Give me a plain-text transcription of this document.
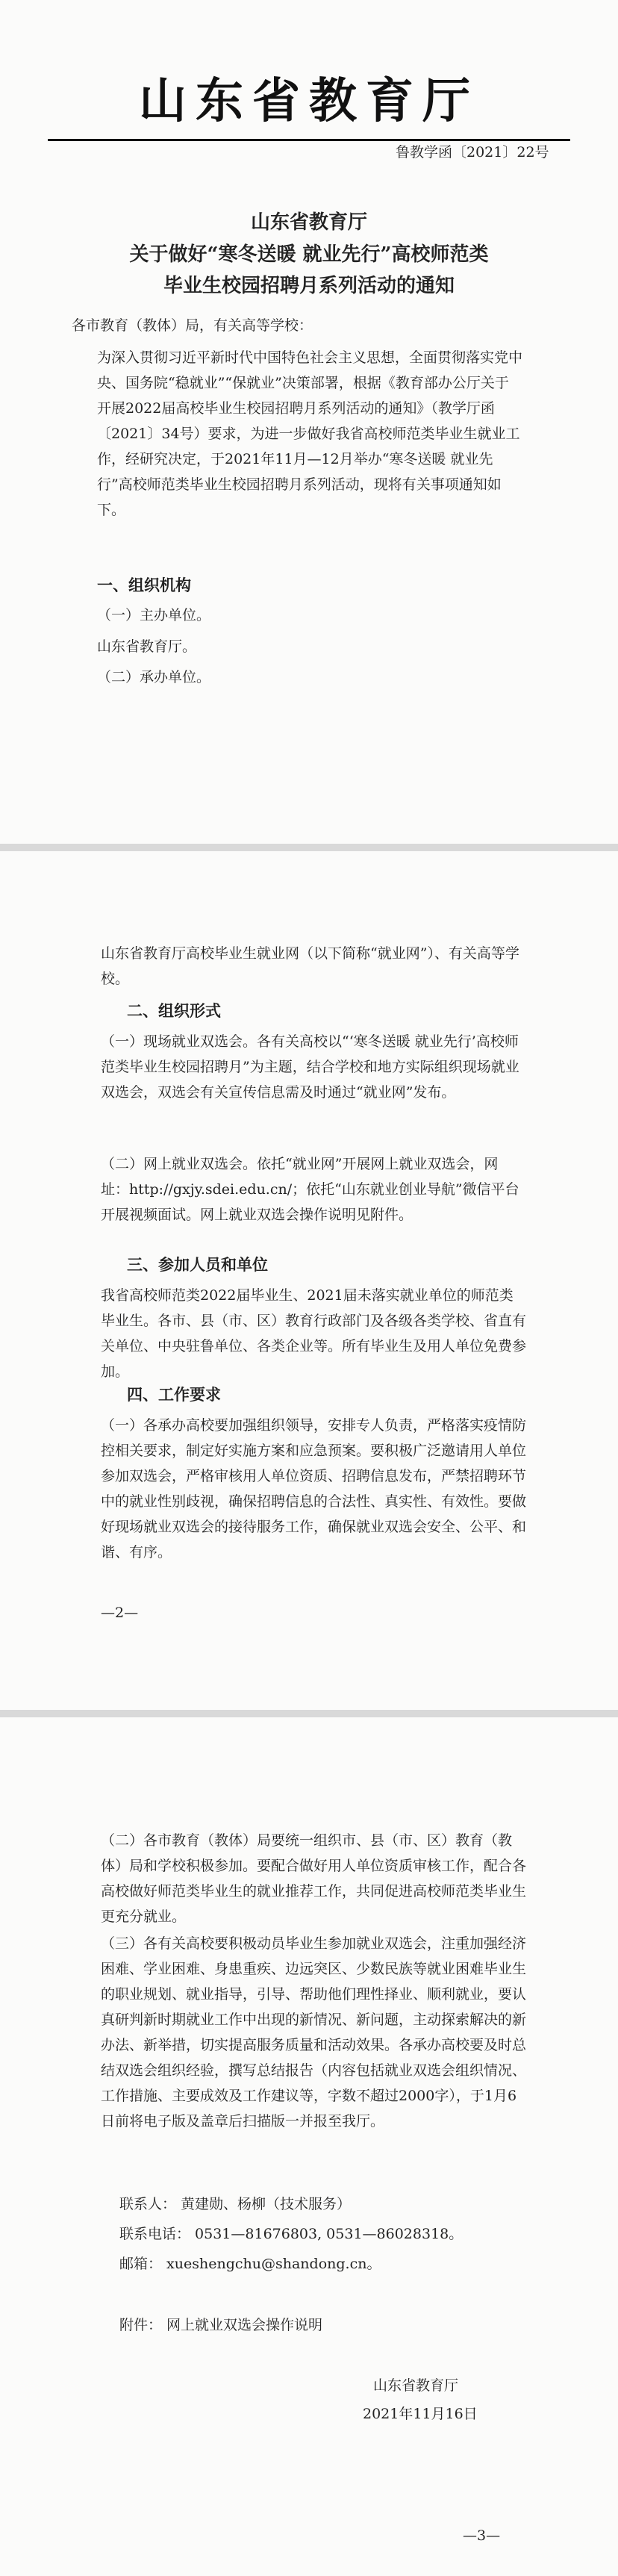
山东省教育厅
鲁教学函〔2021〕22号
山东省教育厅
关于做好“寒冬送暖 就业先行”高校师范类
毕业生校园招聘月系列活动的通知
各市教育（教体）局，有关高等学校：
为深入贯彻习近平新时代中国特色社会主义思想，全面贯彻落实党中央、国务院“稳就业”“保就业”决策部署，根据《教育部办公厅关于开展2022届高校毕业生校园招聘月系列活动的通知》（教学厅函〔2021〕34号）要求，为进一步做好我省高校师范类毕业生就业工作，经研究决定，于2021年11月—12月举办“寒冬送暖 就业先行”高校师范类毕业生校园招聘月系列活动，现将有关事项通知如下。
一、组织机构
（一）主办单位。
山东省教育厅。
（二）承办单位。
山东省教育厅高校毕业生就业网（以下简称“就业网”）、有关高等学校。
二、组织形式
（一）现场就业双选会。各有关高校以“‘寒冬送暖 就业先行’高校师范类毕业生校园招聘月”为主题，结合学校和地方实际组织现场就业双选会，双选会有关宣传信息需及时通过“就业网”发布。
（二）网上就业双选会。依托“就业网”开展网上就业双选会，网址：http://gxjy.sdei.edu.cn/；依托“山东就业创业导航”微信平台开展视频面试。网上就业双选会操作说明见附件。
三、参加人员和单位
我省高校师范类2022届毕业生、2021届未落实就业单位的师范类毕业生。各市、县（市、区）教育行政部门及各级各类学校、省直有关单位、中央驻鲁单位、各类企业等。所有毕业生及用人单位免费参加。
四、工作要求
（一）各承办高校要加强组织领导，安排专人负责，严格落实疫情防控相关要求，制定好实施方案和应急预案。要积极广泛邀请用人单位参加双选会，严格审核用人单位资质、招聘信息发布，严禁招聘环节中的就业性别歧视，确保招聘信息的合法性、真实性、有效性。要做好现场就业双选会的接待服务工作，确保就业双选会安全、公平、和谐、有序。
—2—
（二）各市教育（教体）局要统一组织市、县（市、区）教育（教体）局和学校积极参加。要配合做好用人单位资质审核工作，配合各高校做好师范类毕业生的就业推荐工作，共同促进高校师范类毕业生更充分就业。
（三）各有关高校要积极动员毕业生参加就业双选会，注重加强经济困难、学业困难、身患重疾、边远突区、少数民族等就业困难毕业生的职业规划、就业指导，引导、帮助他们理性择业、顺利就业，要认真研判新时期就业工作中出现的新情况、新问题，主动探索解决的新办法、新举措，切实提高服务质量和活动效果。各承办高校要及时总结双选会组织经验，撰写总结报告（内容包括就业双选会组织情况、工作措施、主要成效及工作建议等，字数不超过2000字），于1月6日前将电子版及盖章后扫描版一并报至我厅。
联系人： 黄建勋、杨柳（技术服务）
联系电话： 0531—81676803, 0531—86028318。
邮箱： xueshengchu@shandong.cn。
附件： 网上就业双选会操作说明
山东省教育厅
2021年11月16日
—3—
